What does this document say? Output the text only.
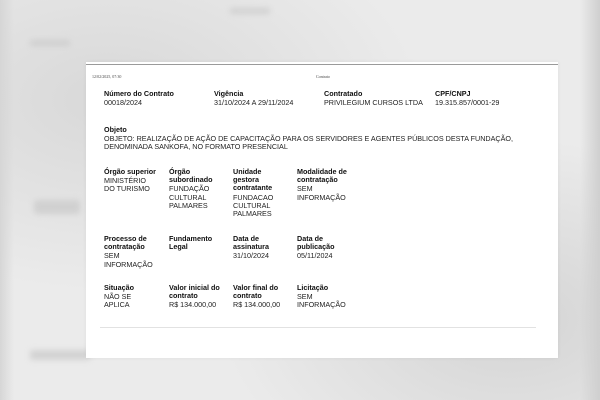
12/02/2025, 07:30	Contrato
Número do Contrato
00018/2024
Vigência
31/10/2024 A 29/11/2024
Contratado
PRIVILEGIUM CURSOS LTDA
CPF/CNPJ
19.315.857/0001-29
Objeto
OBJETO: REALIZAÇÃO DE AÇÃO DE CAPACITAÇÃO PARA OS SERVIDORES E AGENTES PÚBLICOS DESTA FUNDAÇÃO,
DENOMINADA SANKOFA, NO FORMATO PRESENCIAL
Órgão superior
MINISTÉRIO
DO TURISMO
Órgão
subordinado
FUNDAÇÃO
CULTURAL
PALMARES
Unidade
gestora
contratante
FUNDACAO
CULTURAL
PALMARES
Modalidade de
contratação
SEM
INFORMAÇÃO
Processo de
contratação
SEM
INFORMAÇÃO
Fundamento
Legal
Data de
assinatura
31/10/2024
Data de
publicação
05/11/2024
Situação
NÃO SE
APLICA
Valor inicial do
contrato
R$ 134.000,00
Valor final do
contrato
R$ 134.000,00
Licitação
SEM
INFORMAÇÃO
